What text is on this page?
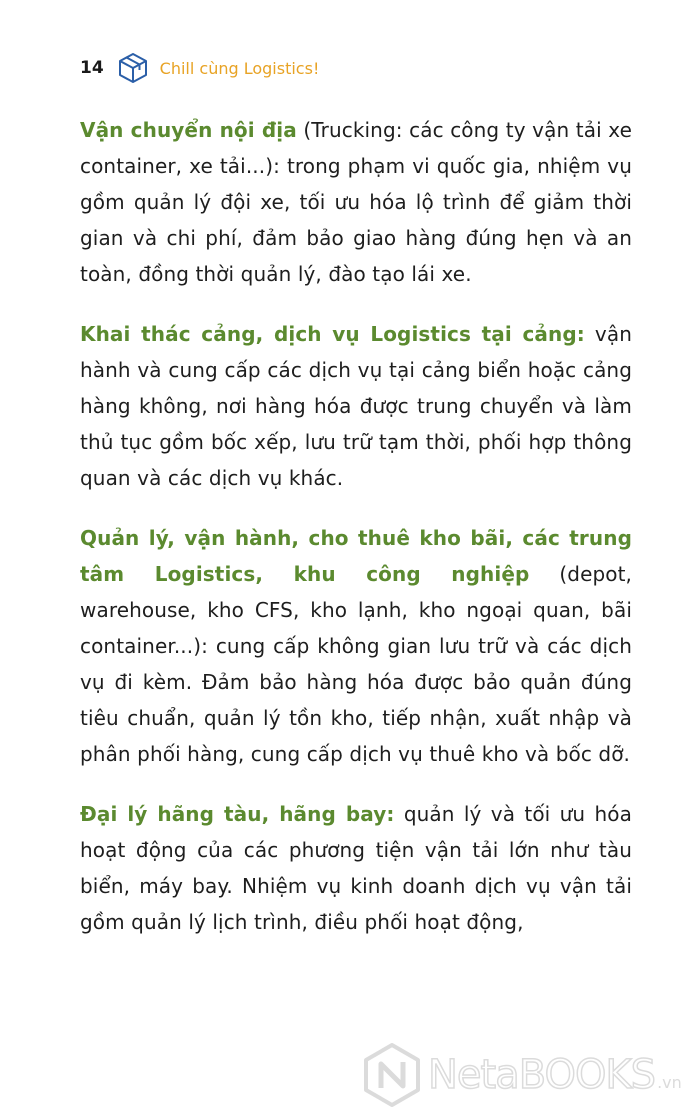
14	Chill cùng Logistics!

Vận chuyển nội địa (Trucking: các công ty vận tải xe container, xe tải...): trong phạm vi quốc gia, nhiệm vụ gồm quản lý đội xe, tối ưu hóa lộ trình để giảm thời gian và chi phí, đảm bảo giao hàng đúng hẹn và an toàn, đồng thời quản lý, đào tạo lái xe.

Khai thác cảng, dịch vụ Logistics tại cảng: vận hành và cung cấp các dịch vụ tại cảng biển hoặc cảng hàng không, nơi hàng hóa được trung chuyển và làm thủ tục gồm bốc xếp, lưu trữ tạm thời, phối hợp thông quan và các dịch vụ khác.

Quản lý, vận hành, cho thuê kho bãi, các trung tâm Logistics, khu công nghiệp (depot, warehouse, kho CFS, kho lạnh, kho ngoại quan, bãi container...): cung cấp không gian lưu trữ và các dịch vụ đi kèm. Đảm bảo hàng hóa được bảo quản đúng tiêu chuẩn, quản lý tồn kho, tiếp nhận, xuất nhập và phân phối hàng, cung cấp dịch vụ thuê kho và bốc dỡ.

Đại lý hãng tàu, hãng bay: quản lý và tối ưu hóa hoạt động của các phương tiện vận tải lớn như tàu biển, máy bay. Nhiệm vụ kinh doanh dịch vụ vận tải gồm quản lý lịch trình, điều phối hoạt động,

NetaBOOKS .vn
